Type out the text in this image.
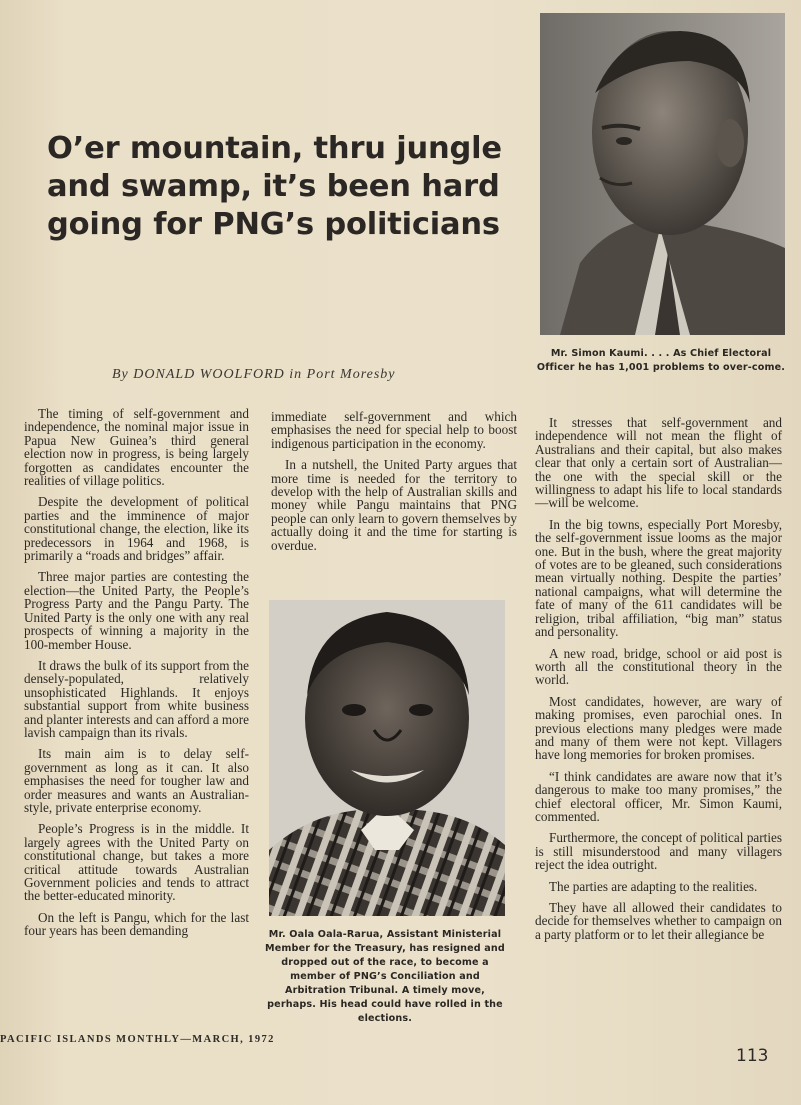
O’er mountain, thru jungle and swamp, it’s been hard going for PNG’s politicians
By DONALD WOOLFORD in Port Moresby
Mr. Simon Kaumi. . . . As Chief Electoral Officer he has 1,001 problems to over-come.
Mr. Oala Oala-Rarua, Assistant Ministerial Member for the Treasury, has resigned and dropped out of the race, to become a member of PNG’s Conciliation and Arbitration Tribunal. A timely move, perhaps. His head could have rolled in the elections.

The timing of self-government and independence, the nominal major issue in Papua New Guinea’s third general election now in progress, is being largely forgotten as candidates encounter the realities of village politics.

Despite the development of political parties and the imminence of major constitutional change, the election, like its predecessors in 1964 and 1968, is primarily a “roads and bridges” affair.

Three major parties are contesting the election—the United Party, the People’s Progress Party and the Pangu Party. The United Party is the only one with any real prospects of winning a majority in the 100-member House.

It draws the bulk of its support from the densely-populated, relatively unsophisticated Highlands. It enjoys substantial support from white business and planter interests and can afford a more lavish campaign than its rivals.

Its main aim is to delay self-government as long as it can. It also emphasises the need for tougher law and order measures and wants an Australian-style, private enterprise economy.

People’s Progress is in the middle. It largely agrees with the United Party on constitutional change, but takes a more critical attitude towards Australian Government policies and tends to attract the better-educated minority.

On the left is Pangu, which for the last four years has been demanding

immediate self-government and which emphasises the need for special help to boost indigenous participation in the economy.

In a nutshell, the United Party argues that more time is needed for the territory to develop with the help of Australian skills and money while Pangu maintains that PNG people can only learn to govern themselves by actually doing it and the time for starting is overdue.

It stresses that self-government and independence will not mean the flight of Australians and their capital, but also makes clear that only a certain sort of Australian—the one with the special skill or the willingness to adapt his life to local standards—will be welcome.

In the big towns, especially Port Moresby, the self-government issue looms as the major one. But in the bush, where the great majority of votes are to be gleaned, such considerations mean virtually nothing. Despite the parties’ national campaigns, what will determine the fate of many of the 611 candidates will be religion, tribal affiliation, “big man” status and personality.

A new road, bridge, school or aid post is worth all the constitutional theory in the world.

Most candidates, however, are wary of making promises, even parochial ones. In previous elections many pledges were made and many of them were not kept. Villagers have long memories for broken promises.

“I think candidates are aware now that it’s dangerous to make too many promises,” the chief electoral officer, Mr. Simon Kaumi, commented.

Furthermore, the concept of political parties is still misunderstood and many villagers reject the idea outright.

The parties are adapting to the realities.

They have all allowed their candidates to decide for themselves whether to campaign on a party platform or to let their allegiance be

PACIFIC ISLANDS MONTHLY—MARCH, 1972
113
